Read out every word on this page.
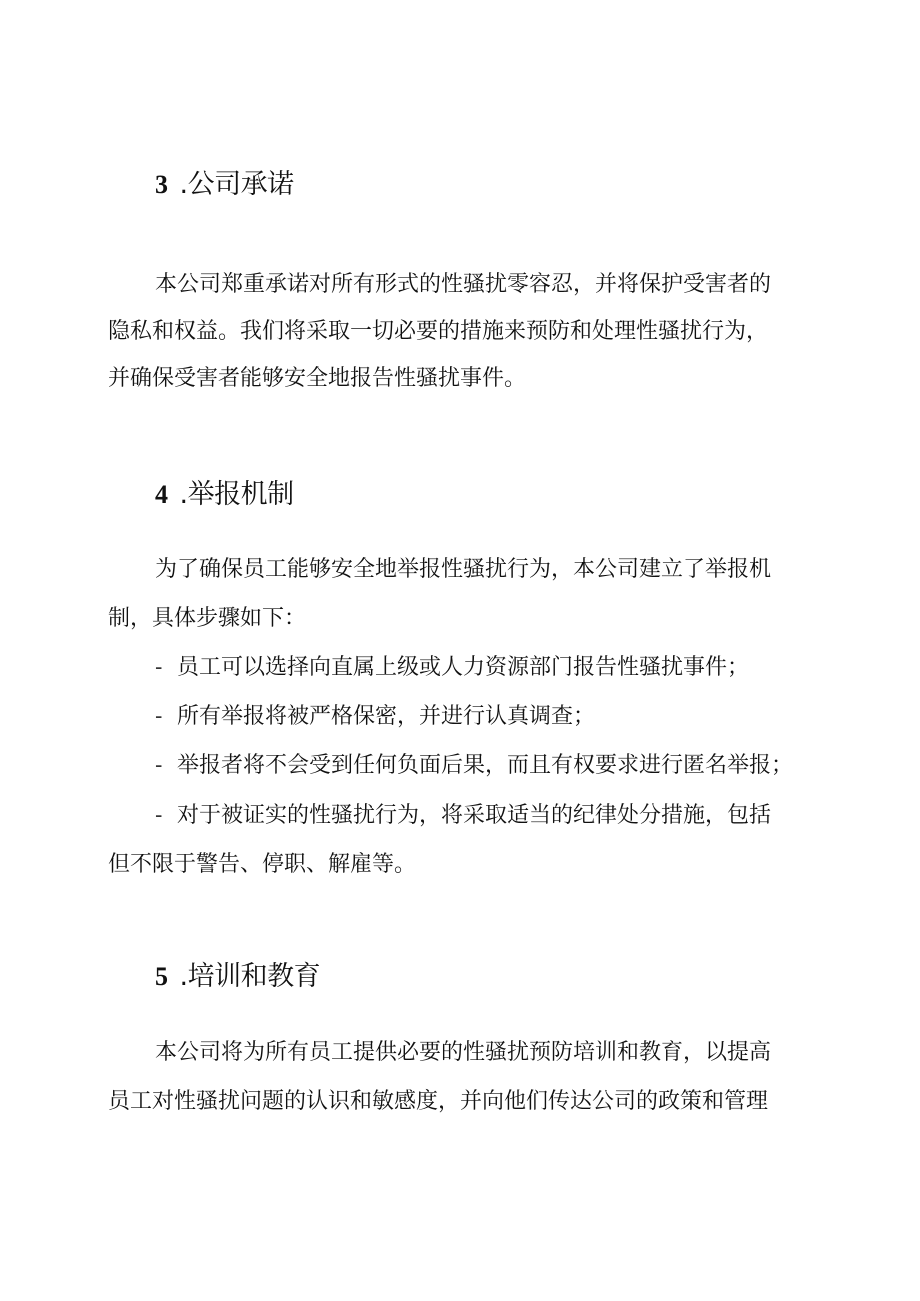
3 .公司承诺
本公司郑重承诺对所有形式的性骚扰零容忍，并将保护受害者的
隐私和权益。我们将采取一切必要的措施来预防和处理性骚扰行为，
并确保受害者能够安全地报告性骚扰事件。
4 .举报机制
为了确保员工能够安全地举报性骚扰行为，本公司建立了举报机
制，具体步骤如下：
- 员工可以选择向直属上级或人力资源部门报告性骚扰事件；
- 所有举报将被严格保密，并进行认真调查；
- 举报者将不会受到任何负面后果，而且有权要求进行匿名举报；
- 对于被证实的性骚扰行为，将采取适当的纪律处分措施，包括
但不限于警告、停职、解雇等。
5 .培训和教育
本公司将为所有员工提供必要的性骚扰预防培训和教育，以提高
员工对性骚扰问题的认识和敏感度，并向他们传达公司的政策和管理
